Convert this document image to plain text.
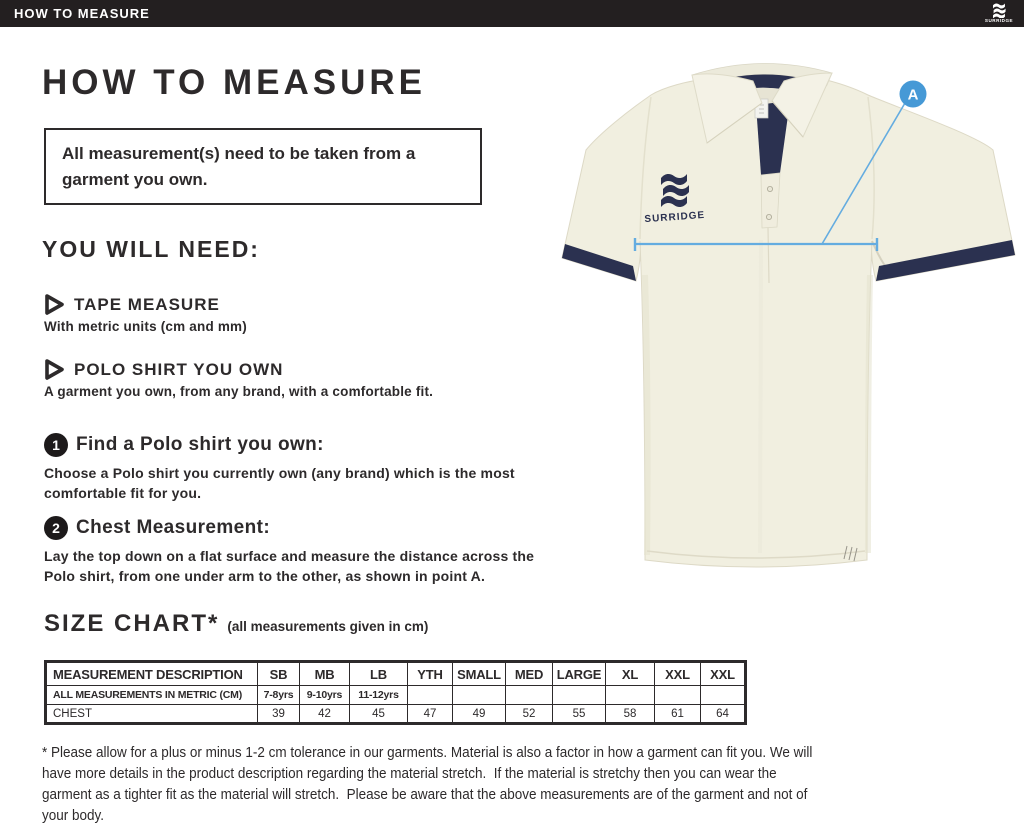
HOW TO MEASURE	SURRIDGE
HOW TO MEASURE
All measurement(s) need to be taken from a garment you own.
YOU WILL NEED:
TAPE MEASURE
With metric units (cm and mm)
POLO SHIRT YOU OWN
A garment you own, from any brand, with a comfortable fit.
1 Find a Polo shirt you own:
Choose a Polo shirt you currently own (any brand) which is the most comfortable fit for you.
2 Chest Measurement:
Lay the top down on a flat surface and measure the distance across the Polo shirt, from one under arm to the other, as shown in point A.
SIZE CHART* (all measurements given in cm)
MEASUREMENT DESCRIPTION	SB	MB	LB	YTH	SMALL	MED	LARGE	XL	XXL	XXL
ALL MEASUREMENTS IN METRIC (CM)	7-8yrs	9-10yrs	11-12yrs							
CHEST	39	42	45	47	49	52	55	58	61	64
* Please allow for a plus or minus 1-2 cm tolerance in our garments. Material is also a factor in how a garment can fit you. We will have more details in the product description regarding the material stretch.  If the material is stretchy then you can wear the garment as a tighter fit as the material will stretch.  Please be aware that the above measurements are of the garment and not of your body.
SURRIDGE
A
